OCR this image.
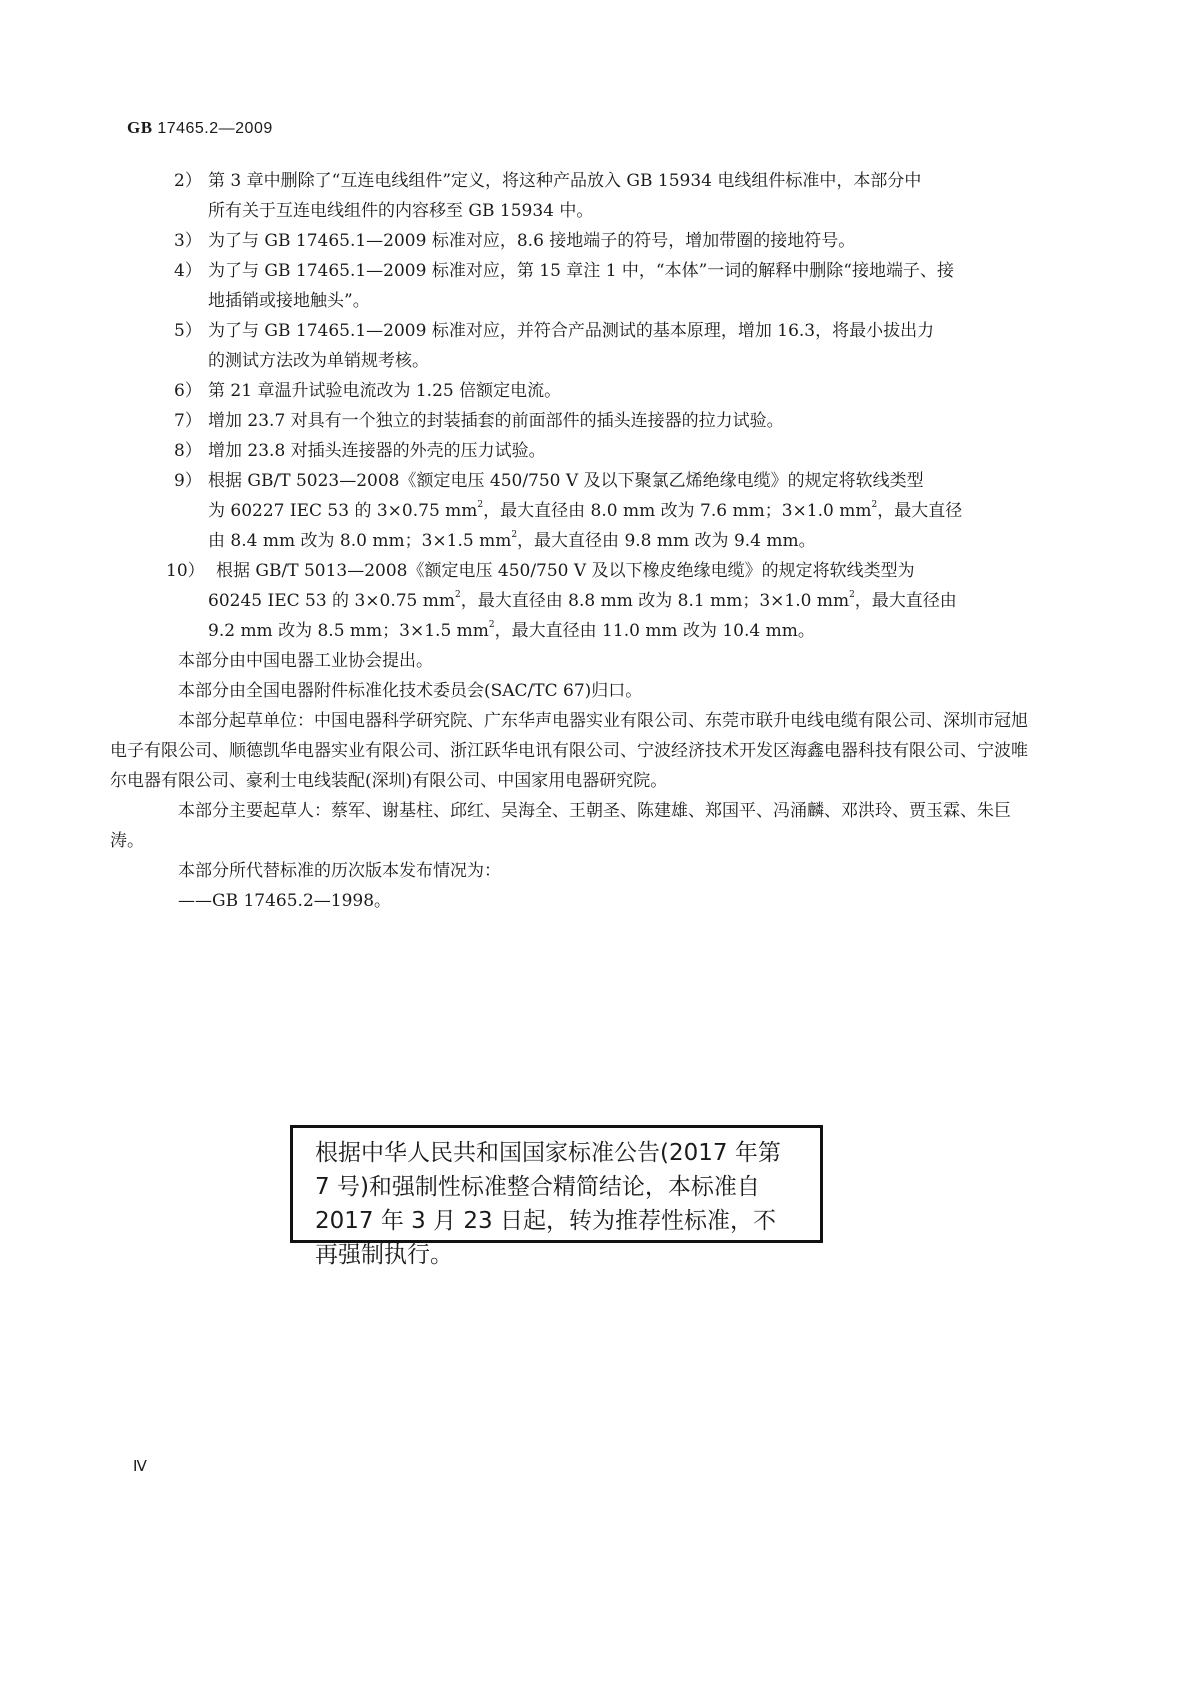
GB 17465.2—2009
2） 第 3 章中删除了“互连电线组件”定义，将这种产品放入 GB 15934 电线组件标准中，本部分中
所有关于互连电线组件的内容移至 GB 15934 中。
3） 为了与 GB 17465.1—2009 标准对应，8.6 接地端子的符号，增加带圈的接地符号。
4） 为了与 GB 17465.1—2009 标准对应，第 15 章注 1 中，“本体”一词的解释中删除“接地端子、接
地插销或接地触头”。
5） 为了与 GB 17465.1—2009 标准对应，并符合产品测试的基本原理，增加 16.3，将最小拔出力
的测试方法改为单销规考核。
6） 第 21 章温升试验电流改为 1.25 倍额定电流。
7） 增加 23.7 对具有一个独立的封装插套的前面部件的插头连接器的拉力试验。
8） 增加 23.8 对插头连接器的外壳的压力试验。
9） 根据 GB/T 5023—2008《额定电压 450/750 V 及以下聚氯乙烯绝缘电缆》的规定将软线类型
为 60227 IEC 53 的 3×0.75 $mm^2$，最大直径由 8.0 mm 改为 7.6 mm；3×1.0 $mm^2$，最大直径
由 8.4 mm 改为 8.0 mm；3×1.5 $mm^2$，最大直径由 9.8 mm 改为 9.4 mm。
10） 根据 GB/T 5013—2008《额定电压 450/750 V 及以下橡皮绝缘电缆》的规定将软线类型为
60245 IEC 53 的 3×0.75 $mm^2$，最大直径由 8.8 mm 改为 8.1 mm；3×1.0 $mm^2$，最大直径由
9.2 mm 改为 8.5 mm；3×1.5 $mm^2$，最大直径由 11.0 mm 改为 10.4 mm。
本部分由中国电器工业协会提出。
本部分由全国电器附件标准化技术委员会(SAC/TC 67)归口。
本部分起草单位：中国电器科学研究院、广东华声电器实业有限公司、东莞市联升电线电缆有限公司、深圳市冠旭电子有限公司、顺德凯华电器实业有限公司、浙江跃华电讯有限公司、宁波经济技术开发区海鑫电器科技有限公司、宁波唯尔电器有限公司、豪利士电线装配(深圳)有限公司、中国家用电器研究院。
本部分主要起草人：蔡军、谢基柱、邱红、吴海全、王朝圣、陈建雄、郑国平、冯涌麟、邓洪玲、贾玉霖、朱巨涛。
本部分所代替标准的历次版本发布情况为：
——GB 17465.2—1998。
根据中华人民共和国国家标准公告(2017 年第 7 号)和强制性标准整合精简结论，本标准自 2017 年 3 月 23 日起，转为推荐性标准，不再强制执行。
Ⅳ
